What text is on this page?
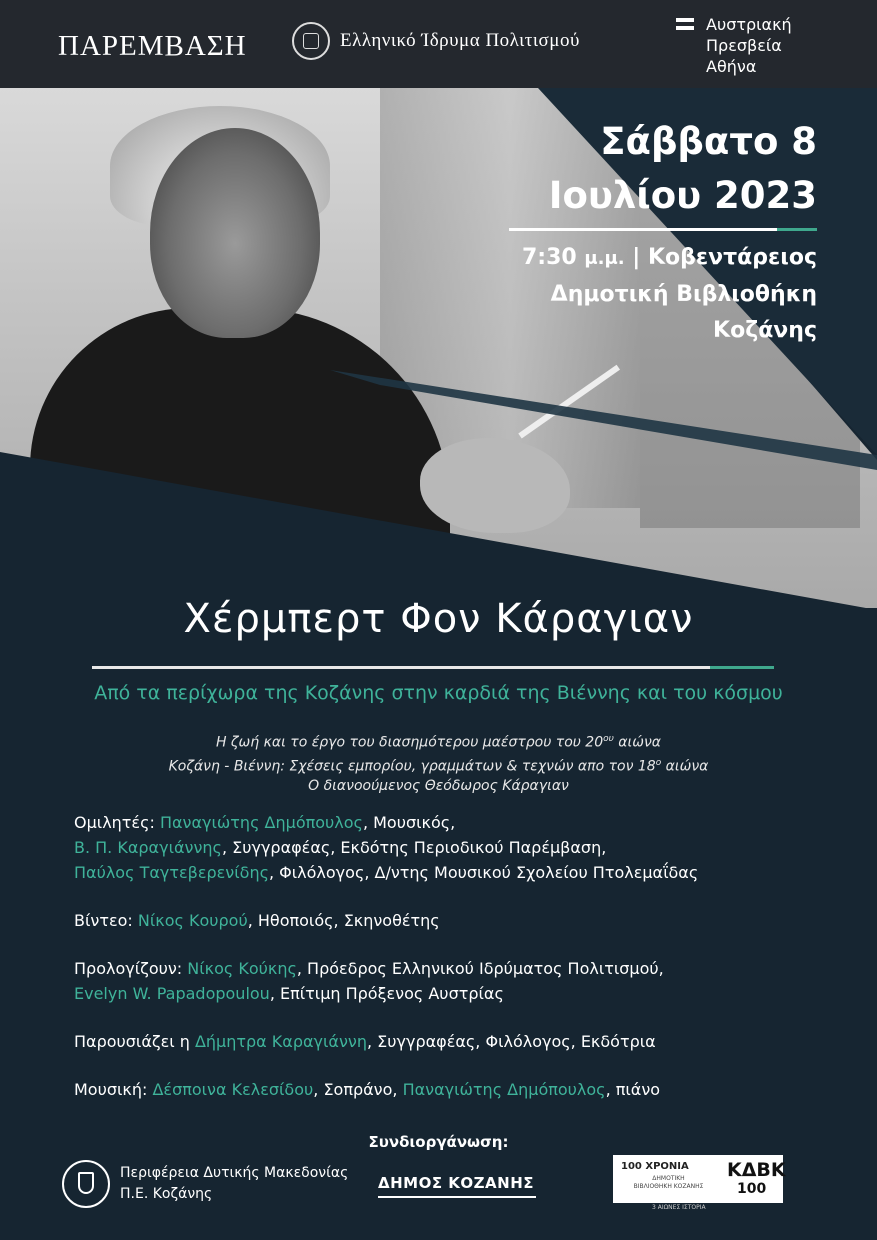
ΠΑΡΕΜΒΑΣΗ	Ελληνικό Ίδρυμα Πολιτισμού
Αυστριακή
Πρεσβεία
Αθήνα
Σάββατο 8
Ιουλίου 2023
7:30 μ.μ. | Κοβεντάρειος
Δημοτική Βιβλιοθήκη
Κοζάνης
Χέρμπερτ Φον Κάραγιαν
Από τα περίχωρα της Κοζάνης στην καρδιά της Βιέννης και του κόσμου
Η ζωή και το έργο του διασημότερου μαέστρου του $20^{o\upsilon}$ αιώνα
Κοζάνη - Βιέννη: Σχέσεις εμπορίου, γραμμάτων & τεχνών απο τον $18^o$ αιώνα
Ο διανοούμενος Θεόδωρος Κάραγιαν

Ομιλητές: Παναγιώτης Δημόπουλος, Μουσικός,
Β. Π. Καραγιάννης, Συγγραφέας, Εκδότης Περιοδικού Παρέμβαση,
Παύλος Ταγτεβερενίδης, Φιλόλογος, Δ/ντης Μουσικού Σχολείου Πτολεμαΐδας

Βίντεο: Νίκος Κουρού, Ηθοποιός, Σκηνοθέτης

Προλογίζουν: Νίκος Κούκης, Πρόεδρος Ελληνικού Ιδρύματος Πολιτισμού,
Evelyn W. Papadopoulou, Επίτιμη Πρόξενος Αυστρίας

Παρουσιάζει η Δήμητρα Καραγιάννη, Συγγραφέας, Φιλόλογος, Εκδότρια

Μουσική: Δέσποινα Κελεσίδου, Σοπράνο, Παναγιώτης Δημόπουλος, πιάνο

Συνδιοργάνωση:
Περιφέρεια Δυτικής Μακεδονίας
Π.Ε. Κοζάνης
ΔΗΜΟΣ ΚΟΖΑΝΗΣ
100 ΧΡΟΝΙΑ
ΔΗΜΟΤΙΚΗ
ΒΙΒΛΙΟΘΗΚΗ ΚΟΖΑΝΗΣ
ΚΔΒΚ
100
3 ΑΙΩΝΕΣ ΙΣΤΟΡΙΑ
